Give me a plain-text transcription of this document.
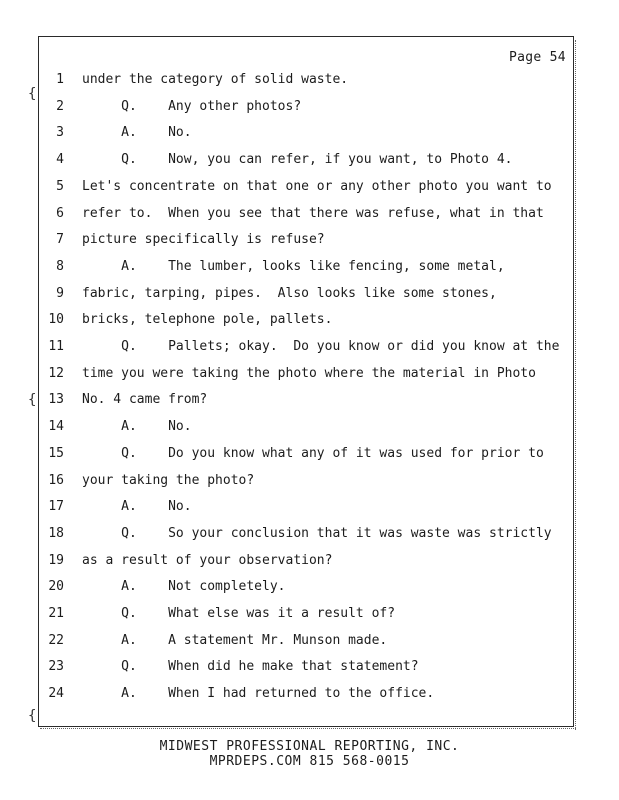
{
{
{
Page 54
1 under the category of solid waste.
2 Q.    Any other photos?
3 A.    No.
4 Q.    Now, you can refer, if you want, to Photo 4.
5 Let's concentrate on that one or any other photo you want to
6 refer to.  When you see that there was refuse, what in that
7 picture specifically is refuse?
8 A.    The lumber, looks like fencing, some metal,
9 fabric, tarping, pipes.  Also looks like some stones,
10 bricks, telephone pole, pallets.
11 Q.    Pallets; okay.  Do you know or did you know at the
12 time you were taking the photo where the material in Photo
13 No. 4 came from?
14 A.    No.
15 Q.    Do you know what any of it was used for prior to
16 your taking the photo?
17 A.    No.
18 Q.    So your conclusion that it was waste was strictly
19 as a result of your observation?
20 A.    Not completely.
21 Q.    What else was it a result of?
22 A.    A statement Mr. Munson made.
23 Q.    When did he make that statement?
24 A.    When I had returned to the office.
MIDWEST PROFESSIONAL REPORTING, INC.
MPRDEPS.COM 815 568-0015
